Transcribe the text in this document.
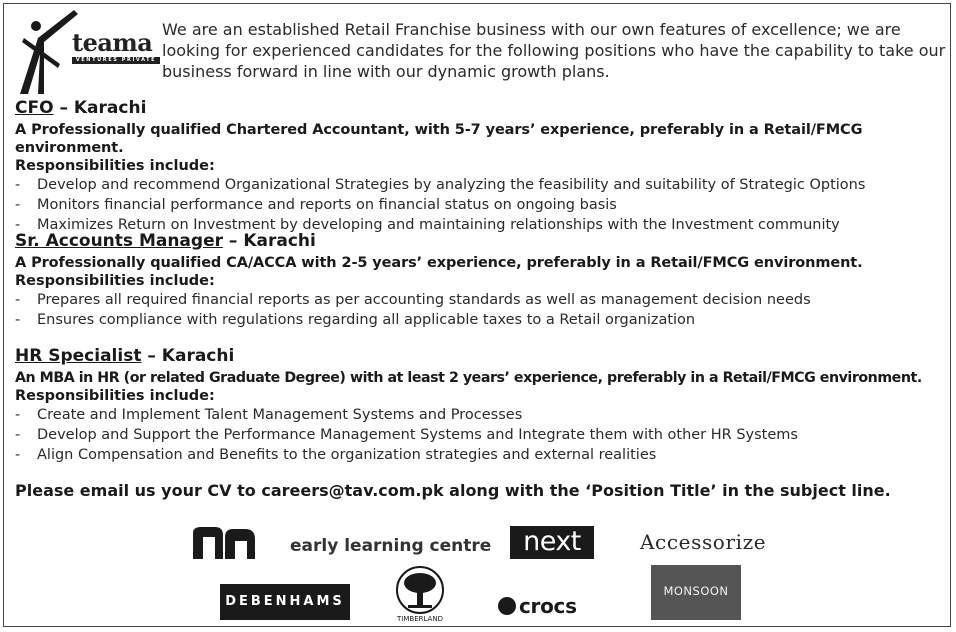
teama
VENTURES PRIVATE LIMITED
We are an established Retail Franchise business with our own features of excellence; we are looking for experienced candidates for the following positions who have the capability to take our business forward in line with our dynamic growth plans.
CFO – Karachi
A Professionally qualified Chartered Accountant, with 5-7 years’ experience, preferably in a Retail/FMCG environment.
Responsibilities include:
- Develop and recommend Organizational Strategies by analyzing the feasibility and suitability of Strategic Options
- Monitors financial performance and reports on financial status on ongoing basis
- Maximizes Return on Investment by developing and maintaining relationships with the Investment community
Sr. Accounts Manager – Karachi
A Professionally qualified CA/ACCA with 2-5 years’ experience, preferably in a Retail/FMCG environment.
Responsibilities include:
- Prepares all required financial reports as per accounting standards as well as management decision needs
- Ensures compliance with regulations regarding all applicable taxes to a Retail organization
HR Specialist – Karachi
An MBA in HR (or related Graduate Degree) with at least 2 years’ experience, preferably in a Retail/FMCG environment.
Responsibilities include:
- Create and Implement Talent Management Systems and Processes
- Develop and Support the Performance Management Systems and Integrate them with other HR Systems
- Align Compensation and Benefits to the organization strategies and external realities
Please email us your CV to careers@tav.com.pk along with the ‘Position Title’ in the subject line.
early learning centre	next	Accessorize
DEBENHAMS
TIMBERLAND
crocs
MONSOON
